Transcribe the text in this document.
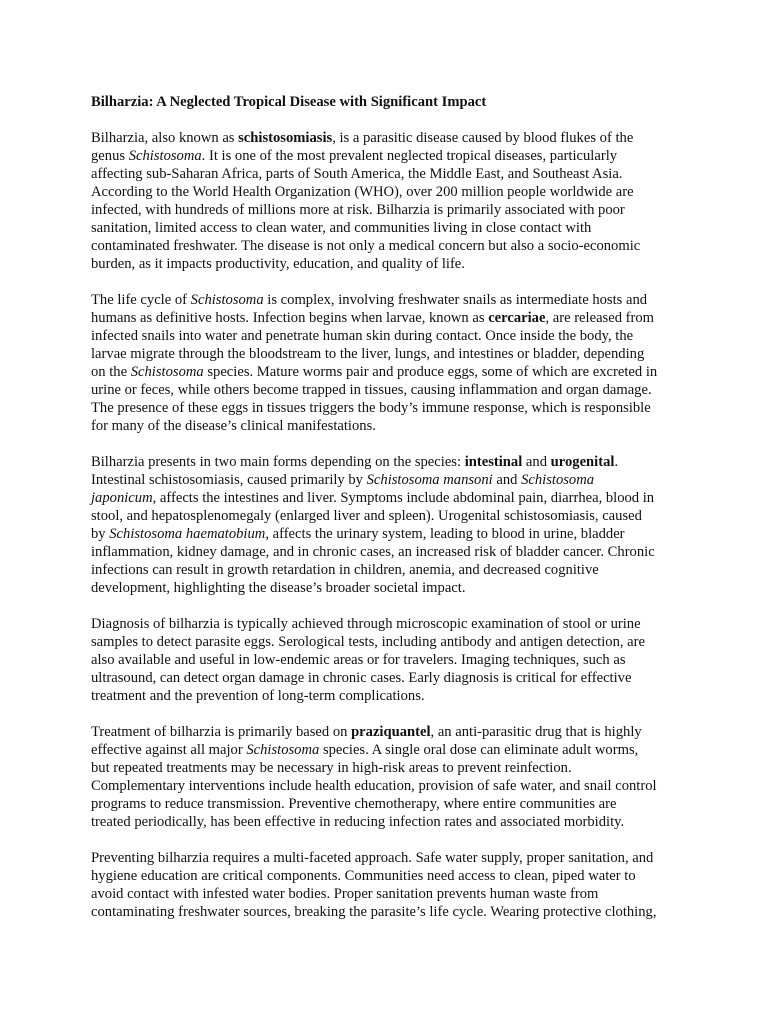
Bilharzia: A Neglected Tropical Disease with Significant Impact
Bilharzia, also known as schistosomiasis, is a parasitic disease caused by blood flukes of the
genus Schistosoma. It is one of the most prevalent neglected tropical diseases, particularly
affecting sub-Saharan Africa, parts of South America, the Middle East, and Southeast Asia.
According to the World Health Organization (WHO), over 200 million people worldwide are
infected, with hundreds of millions more at risk. Bilharzia is primarily associated with poor
sanitation, limited access to clean water, and communities living in close contact with
contaminated freshwater. The disease is not only a medical concern but also a socio-economic
burden, as it impacts productivity, education, and quality of life.
The life cycle of Schistosoma is complex, involving freshwater snails as intermediate hosts and
humans as definitive hosts. Infection begins when larvae, known as cercariae, are released from
infected snails into water and penetrate human skin during contact. Once inside the body, the
larvae migrate through the bloodstream to the liver, lungs, and intestines or bladder, depending
on the Schistosoma species. Mature worms pair and produce eggs, some of which are excreted in
urine or feces, while others become trapped in tissues, causing inflammation and organ damage.
The presence of these eggs in tissues triggers the body’s immune response, which is responsible
for many of the disease’s clinical manifestations.
Bilharzia presents in two main forms depending on the species: intestinal and urogenital.
Intestinal schistosomiasis, caused primarily by Schistosoma mansoni and Schistosoma
japonicum, affects the intestines and liver. Symptoms include abdominal pain, diarrhea, blood in
stool, and hepatosplenomegaly (enlarged liver and spleen). Urogenital schistosomiasis, caused
by Schistosoma haematobium, affects the urinary system, leading to blood in urine, bladder
inflammation, kidney damage, and in chronic cases, an increased risk of bladder cancer. Chronic
infections can result in growth retardation in children, anemia, and decreased cognitive
development, highlighting the disease’s broader societal impact.
Diagnosis of bilharzia is typically achieved through microscopic examination of stool or urine
samples to detect parasite eggs. Serological tests, including antibody and antigen detection, are
also available and useful in low-endemic areas or for travelers. Imaging techniques, such as
ultrasound, can detect organ damage in chronic cases. Early diagnosis is critical for effective
treatment and the prevention of long-term complications.
Treatment of bilharzia is primarily based on praziquantel, an anti-parasitic drug that is highly
effective against all major Schistosoma species. A single oral dose can eliminate adult worms,
but repeated treatments may be necessary in high-risk areas to prevent reinfection.
Complementary interventions include health education, provision of safe water, and snail control
programs to reduce transmission. Preventive chemotherapy, where entire communities are
treated periodically, has been effective in reducing infection rates and associated morbidity.
Preventing bilharzia requires a multi-faceted approach. Safe water supply, proper sanitation, and
hygiene education are critical components. Communities need access to clean, piped water to
avoid contact with infested water bodies. Proper sanitation prevents human waste from
contaminating freshwater sources, breaking the parasite’s life cycle. Wearing protective clothing,
